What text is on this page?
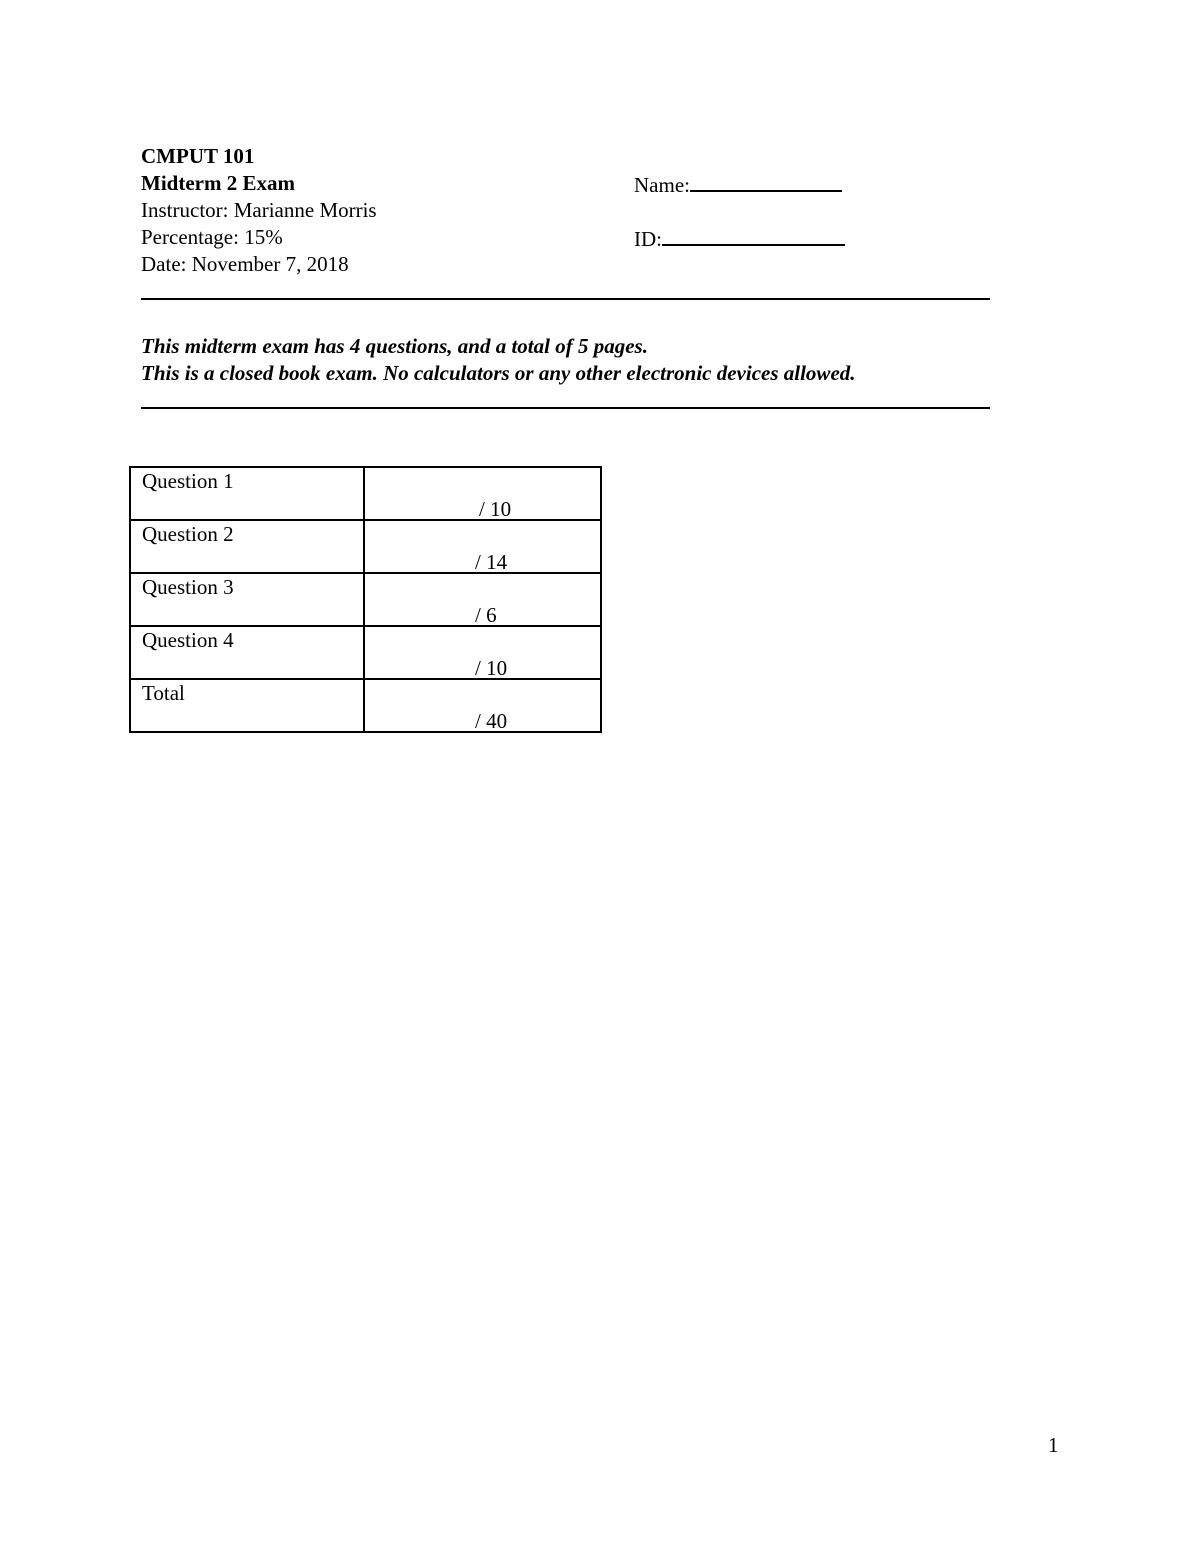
CMPUT 101
Midterm 2 Exam
Instructor: Marianne Morris
Percentage: 15%
Date: November 7, 2018
Name:
ID:
This midterm exam has 4 questions, and a total of 5 pages.
This is a closed book exam. No calculators or any other electronic devices allowed.
Question 1	/ 10

Question 2	/ 14

Question 3	/ 6

Question 4	/ 10

Total	/ 40
1
